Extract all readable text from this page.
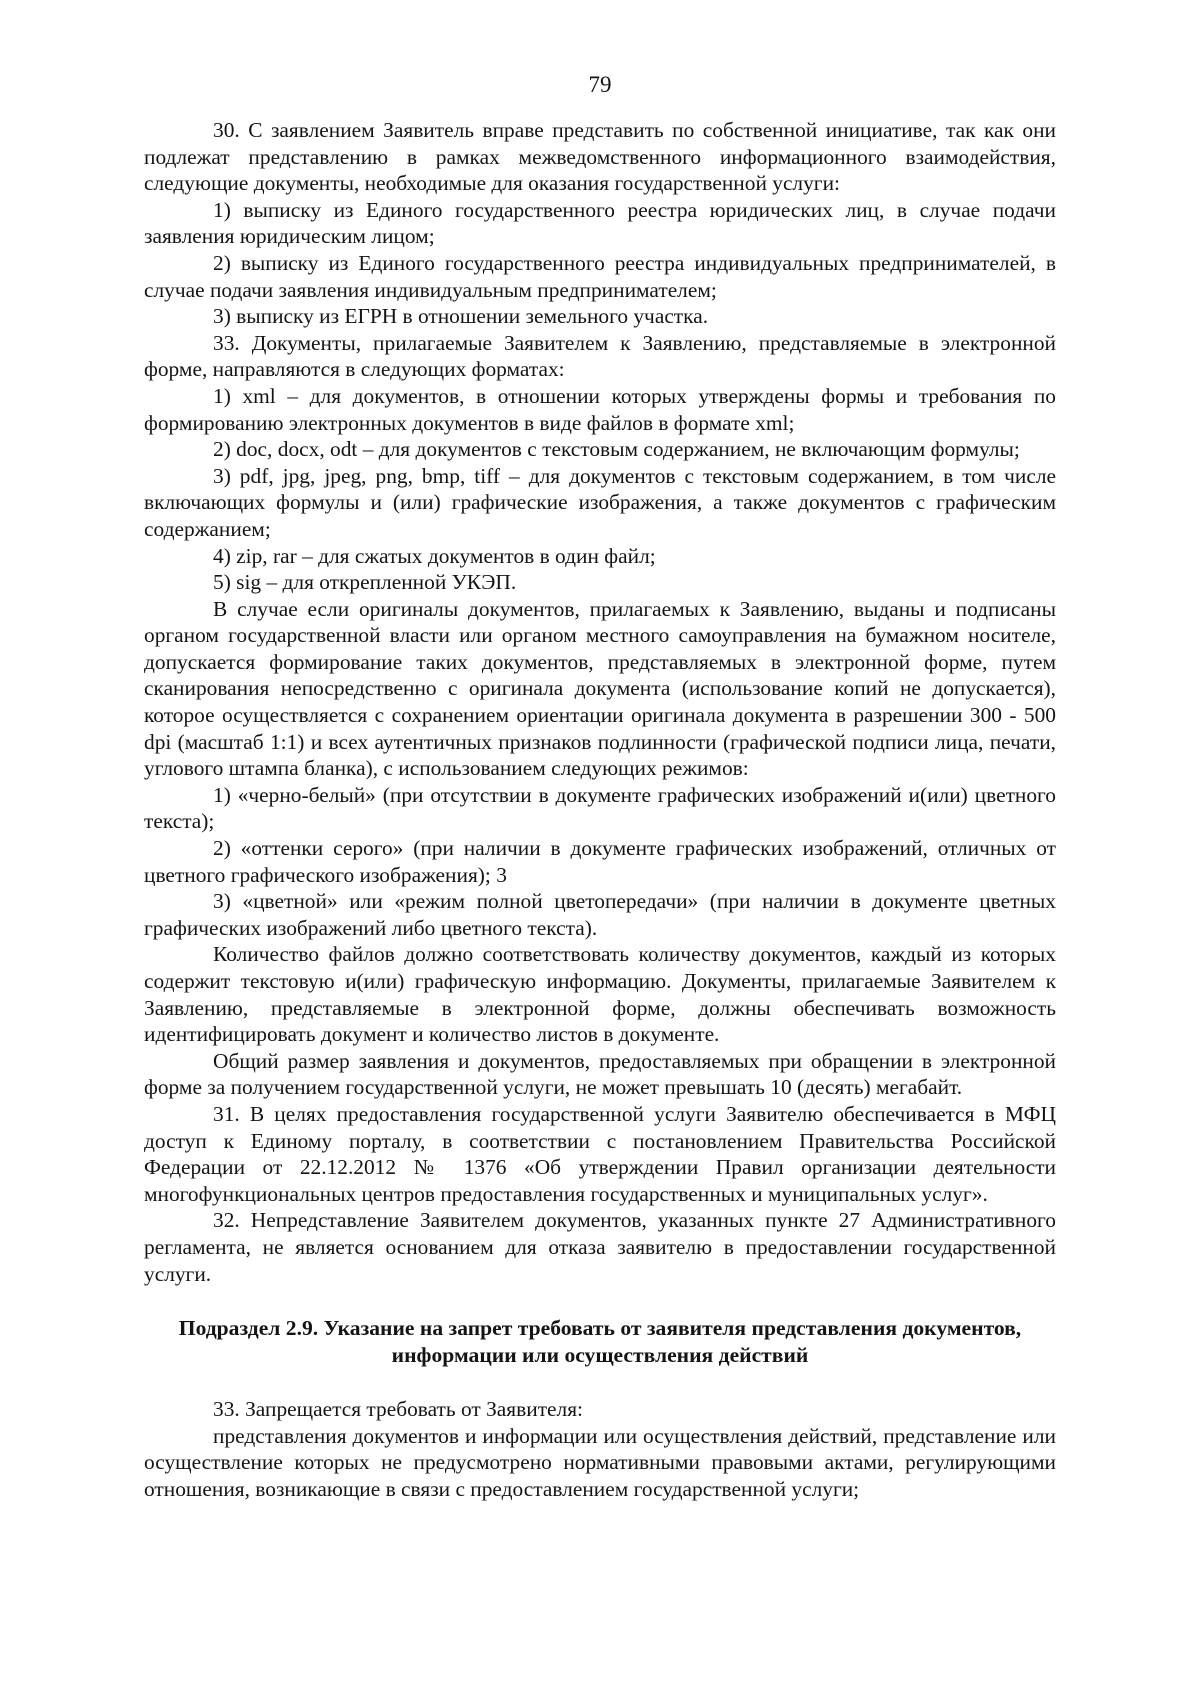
79

30. С заявлением Заявитель вправе представить по собственной инициативе, так как они подлежат представлению в рамках межведомственного информационного взаимодействия, следующие документы, необходимые для оказания государственной услуги:

1) выписку из Единого государственного реестра юридических лиц, в случае подачи заявления юридическим лицом;

2) выписку из Единого государственного реестра индивидуальных предпринимателей, в случае подачи заявления индивидуальным предпринимателем;

3) выписку из ЕГРН в отношении земельного участка.

33. Документы, прилагаемые Заявителем к Заявлению, представляемые в электронной форме, направляются в следующих форматах:

1) xml – для документов, в отношении которых утверждены формы и требования по формированию электронных документов в виде файлов в формате xml;

2) doc, docx, odt – для документов с текстовым содержанием, не включающим формулы;

3) pdf, jpg, jpeg, png, bmp, tiff – для документов с текстовым содержанием, в том числе включающих формулы и (или) графические изображения, а также документов с графическим содержанием;

4) zip, rar – для сжатых документов в один файл;

5) sig – для открепленной УКЭП.

В случае если оригиналы документов, прилагаемых к Заявлению, выданы и подписаны органом государственной власти или органом местного самоуправления на бумажном носителе, допускается формирование таких документов, представляемых в электронной форме, путем сканирования непосредственно с оригинала документа (использование копий не допускается), которое осуществляется с сохранением ориентации оригинала документа в разрешении 300 - 500 dpi (масштаб 1:1) и всех аутентичных признаков подлинности (графической подписи лица, печати, углового штампа бланка), с использованием следующих режимов:

1) «черно-белый» (при отсутствии в документе графических изображений и(или) цветного текста);

2) «оттенки серого» (при наличии в документе графических изображений, отличных от цветного графического изображения); 3

3) «цветной» или «режим полной цветопередачи» (при наличии в документе цветных графических изображений либо цветного текста).

Количество файлов должно соответствовать количеству документов, каждый из которых содержит текстовую и(или) графическую информацию. Документы, прилагаемые Заявителем к Заявлению, представляемые в электронной форме, должны обеспечивать возможность идентифицировать документ и количество листов в документе.

Общий размер заявления и документов, предоставляемых при обращении в электронной форме за получением государственной услуги, не может превышать 10 (десять) мегабайт.

31. В целях предоставления государственной услуги Заявителю обеспечивается в МФЦ доступ к Единому порталу, в соответствии с постановлением Правительства Российской Федерации от 22.12.2012 № 1376 «Об утверждении Правил организации деятельности многофункциональных центров предоставления государственных и муниципальных услуг».

32. Непредставление Заявителем документов, указанных пункте 27 Административного регламента, не является основанием для отказа заявителю в предоставлении государственной услуги.

Подраздел 2.9. Указание на запрет требовать от заявителя представления документов,
информации или осуществления действий

33. Запрещается требовать от Заявителя:

представления документов и информации или осуществления действий, представление или осуществление которых не предусмотрено нормативными правовыми актами, регулирующими отношения, возникающие в связи с предоставлением государственной услуги;
